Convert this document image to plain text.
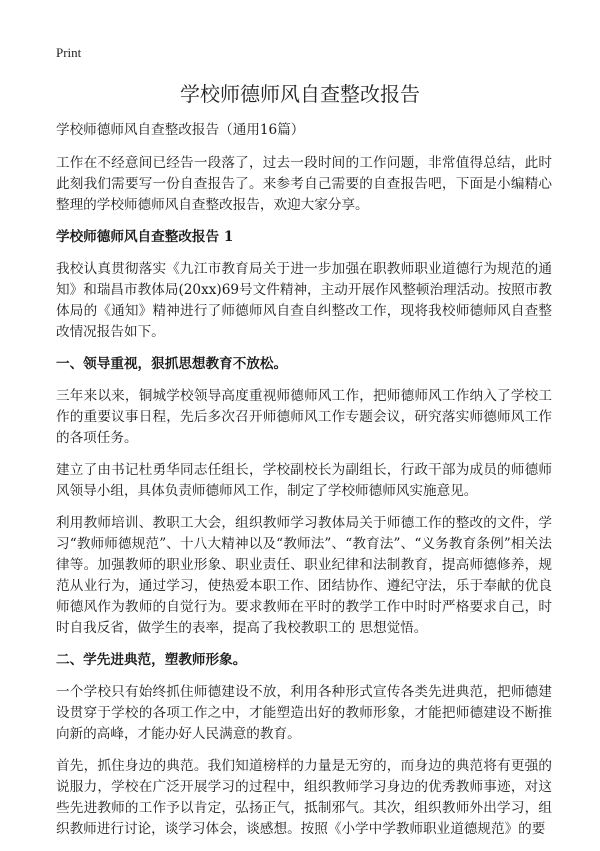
Print
学校师德师风自查整改报告

学校师德师风自查整改报告（通用16篇）

工作在不经意间已经告一段落了，过去一段时间的工作问题，非常值得总结，此时此刻我们需要写一份自查报告了。来参考自己需要的自查报告吧，下面是小编精心整理的学校师德师风自查整改报告，欢迎大家分享。

学校师德师风自查整改报告 1

我校认真贯彻落实《九江市教育局关于进一步加强在职教师职业道德行为规范的通知》和瑞昌市教体局(20xx)69号文件精神，主动开展作风整顿治理活动。按照市教体局的《通知》精神进行了师德师风自查自纠整改工作，现将我校师德师风自查整改情况报告如下。

一、领导重视，狠抓思想教育不放松。

三年来以来，铜城学校领导高度重视师德师风工作，把师德师风工作纳入了学校工作的重要议事日程，先后多次召开师德师风工作专题会议，研究落实师德师风工作的各项任务。

建立了由书记杜勇华同志任组长，学校副校长为副组长，行政干部为成员的师德师风领导小组，具体负责师德师风工作，制定了学校师德师风实施意见。

利用教师培训、教职工大会，组织教师学习教体局关于师德工作的整改的文件，学习“教师师德规范”、十八大精神以及“教师法”、“教育法”、“义务教育条例”相关法律等。加强教师的职业形象、职业责任、职业纪律和法制教育，提高师德修养，规范从业行为，通过学习，使热爱本职工作、团结协作、遵纪守法，乐于奉献的优良师德风作为教师的自觉行为。要求教师在平时的教学工作中时时严格要求自己，时时自我反省，做学生的表率，提高了我校教职工的 思想觉悟。

二、学先进典范，塑教师形象。

一个学校只有始终抓住师德建设不放，利用各种形式宣传各类先进典范，把师德建设贯穿于学校的各项工作之中，才能塑造出好的教师形象，才能把师德建设不断推向新的高峰，才能办好人民满意的教育。

首先，抓住身边的典范。我们知道榜样的力量是无穷的，而身边的典范将有更强的说服力，学校在广泛开展学习的过程中，组织教师学习身边的优秀教师事迹，对这些先进教师的工作予以肯定，弘扬正气，抵制邪气。其次，组织教师外出学习，组织教师进行讨论，谈学习体会，谈感想。按照《小学中学教师职业道德规范》的要
